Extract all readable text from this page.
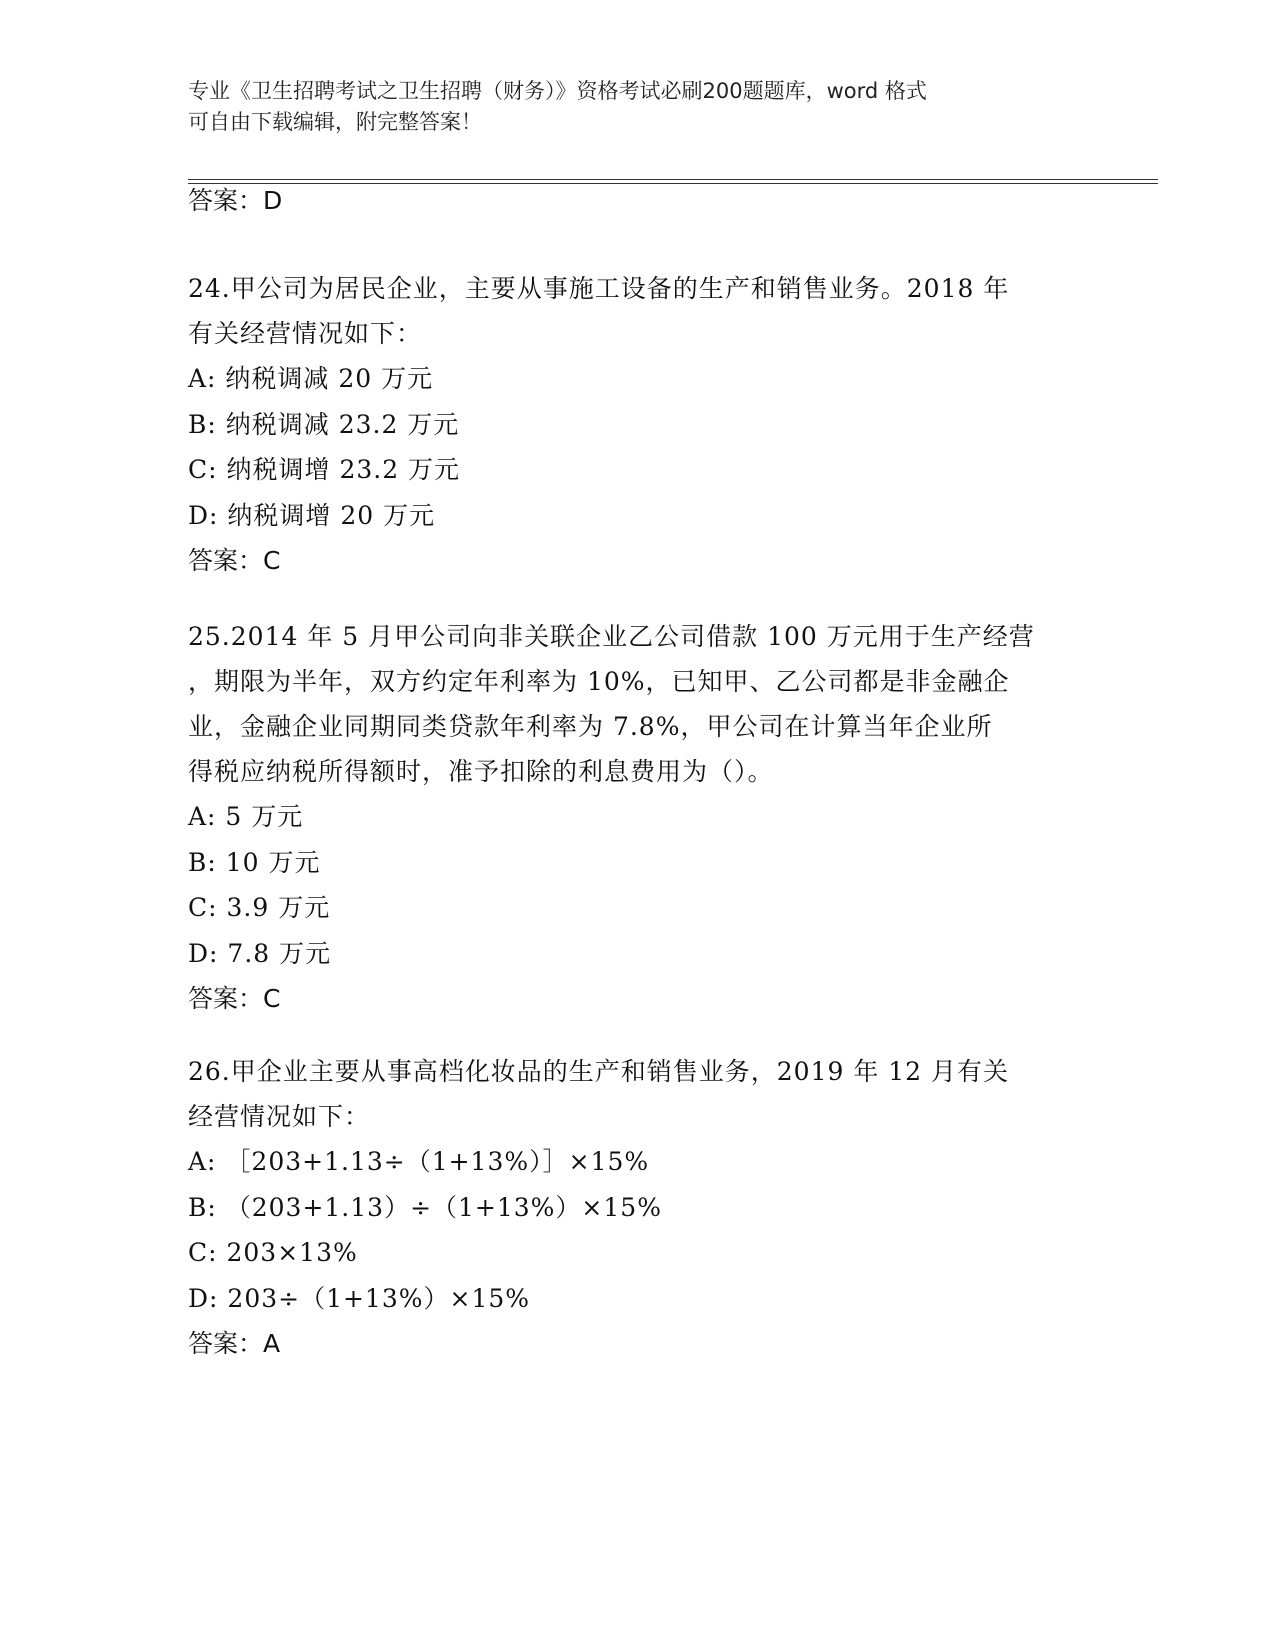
专业《卫生招聘考试之卫生招聘（财务）》资格考试必刷200题题库，word 格式
可自由下载编辑，附完整答案！
答案：D
24.甲公司为居民企业，主要从事施工设备的生产和销售业务。2018 年
有关经营情况如下：
A: 纳税调减 20 万元
B: 纳税调减 23.2 万元
C: 纳税调增 23.2 万元
D: 纳税调增 20 万元
答案：C
25.2014 年 5 月甲公司向非关联企业乙公司借款 100 万元用于生产经营
，期限为半年，双方约定年利率为 10%，已知甲、乙公司都是非金融企
业，金融企业同期同类贷款年利率为 7.8%，甲公司在计算当年企业所
得税应纳税所得额时，准予扣除的利息费用为（）。
A: 5 万元
B: 10 万元
C: 3.9 万元
D: 7.8 万元
答案：C
26.甲企业主要从事高档化妆品的生产和销售业务，2019 年 12 月有关
经营情况如下：
A: ［203+1.13÷（1+13%）］×15%
B: （203+1.13）÷（1+13%）×15%
C: 203×13%
D: 203÷（1+13%）×15%
答案：A
